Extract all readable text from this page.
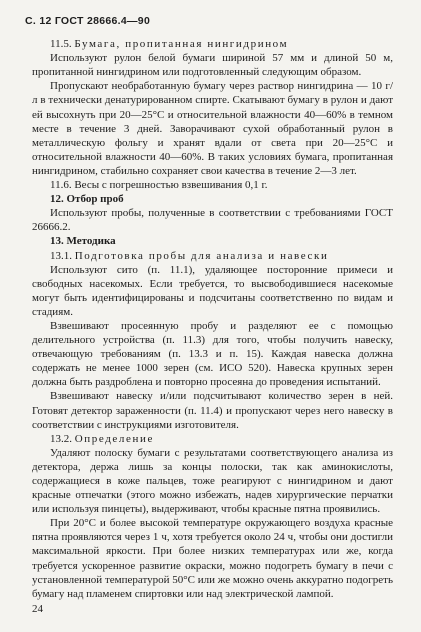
С. 12 ГОСТ 28666.4—90

11.5. Бумага, пропитанная нингидрином

Используют рулон белой бумаги шириной 57 мм и длиной 50 м, пропитанной нингидрином или подготовленный следующим образом.

Пропускают необработанную бумагу через раствор нингидрина — 10 г/л в технически денатурированном спирте. Скатывают бумагу в рулон и дают ей высохнуть при 20—25°С и относительной влажности 40—60% в темном месте в течение 3 дней. Заворачивают сухой обработанный рулон в металлическую фольгу и хранят вдали от света при 20—25°С и относительной влажности 40—60%. В таких условиях бумага, пропитанная нингидрином, стабильно сохраняет свои качества в течение 2—3 лет.

11.6. Весы с погрешностью взвешивания 0,1 г.

12. Отбор проб

Используют пробы, полученные в соответствии с требованиями ГОСТ 26666.2.

13. Методика

13.1. Подготовка пробы для анализа и навески

Используют сито (п. 11.1), удаляющее посторонние примеси и свободных насекомых. Если требуется, то высвободившиеся насекомые могут быть идентифицированы и подсчитаны соответственно по видам и стадиям.

Взвешивают просеянную пробу и разделяют ее с помощью делительного устройства (п. 11.3) для того, чтобы получить навеску, отвечающую требованиям (п. 13.3 и п. 15). Каждая навеска должна содержать не менее 1000 зерен (см. ИСО 520). Навеска крупных зерен должна быть раздроблена и повторно просеяна до проведения испытаний.

Взвешивают навеску и/или подсчитывают количество зерен в ней. Готовят детектор зараженности (п. 11.4) и пропускают через него навеску в соответствии с инструкциями изготовителя.

13.2. Определение

Удаляют полоску бумаги с результатами соответствующего анализа из детектора, держа лишь за концы полоски, так как аминокислоты, содержащиеся в коже пальцев, тоже реагируют с нингидрином и дают красные отпечатки (этого можно избежать, надев хирургические перчатки или используя пинцеты), выдерживают, чтобы красные пятна проявились.

При 20°С и более высокой температуре окружающего воздуха красные пятна проявляются через 1 ч, хотя требуется около 24 ч, чтобы они достигли максимальной яркости. При более низких температурах или же, когда требуется ускоренное развитие окраски, можно подогреть бумагу в печи с установленной температурой 50°С или же можно очень аккуратно подогреть бумагу над пламенем спиртовки или над электрической лампой.

24
